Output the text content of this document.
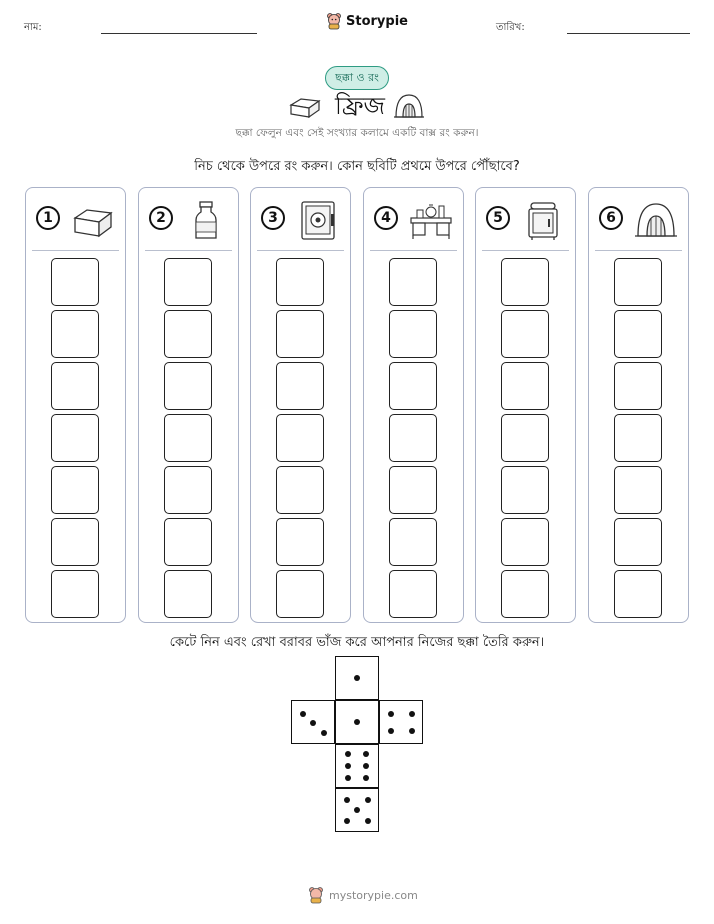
নাম:	Storypie	তারিখ:
ছক্কা ও রং
ফ্রিজ
ছক্কা ফেলুন এবং সেই সংখ্যার কলামে একটি বাক্স রং করুন।
নিচ থেকে উপরে রং করুন। কোন ছবিটি প্রথমে উপরে পৌঁছাবে?
1	2	3	4	5	6
কেটে নিন এবং রেখা বরাবর ভাঁজ করে আপনার নিজের ছক্কা তৈরি করুন।
mystorypie.com
